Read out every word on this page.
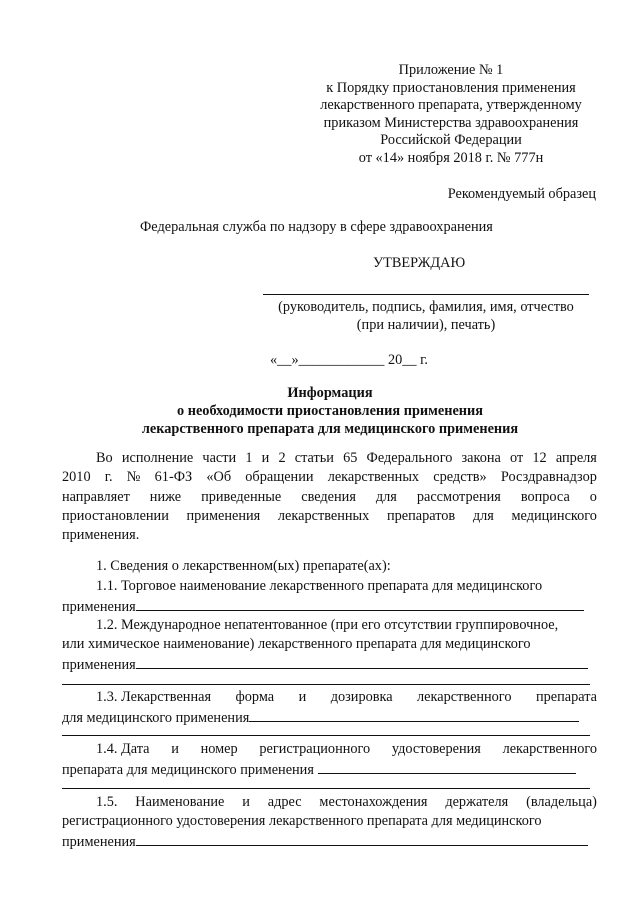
Приложение № 1
к Порядку приостановления применения
лекарственного препарата, утвержденному
приказом Министерства здравоохранения
Российской Федерации
от «14» ноября 2018 г. № 777н
Рекомендуемый образец
Федеральная служба по надзору в сфере здравоохранения
УТВЕРЖДАЮ
(руководитель, подпись, фамилия, имя, отчество
(при наличии), печать)
«__»____________ 20__ г.
Информация
о необходимости приостановления применения
лекарственного препарата для медицинского применения
Во исполнение части 1 и 2 статьи 65 Федерального закона от 12 апреля
2010 г. № 61-ФЗ «Об обращении лекарственных средств» Росздравнадзор
направляет ниже приведенные сведения для рассмотрения вопроса о
приостановлении применения лекарственных препаратов для медицинского
применения.
1. Сведения о лекарственном(ых) препарате(ах):
1.1. Торговое наименование лекарственного препарата для медицинского
применения
1.2. Международное непатентованное (при его отсутствии группировочное,
или химическое наименование) лекарственного препарата для медицинского
применения
1.3. Лекарственная форма и дозировка лекарственного препарата
для медицинского применения
1.4. Дата и номер регистрационного удостоверения лекарственного
препарата для медицинского применения
1.5. Наименование и адрес местонахождения держателя (владельца)
регистрационного удостоверения лекарственного препарата для медицинского
применения
